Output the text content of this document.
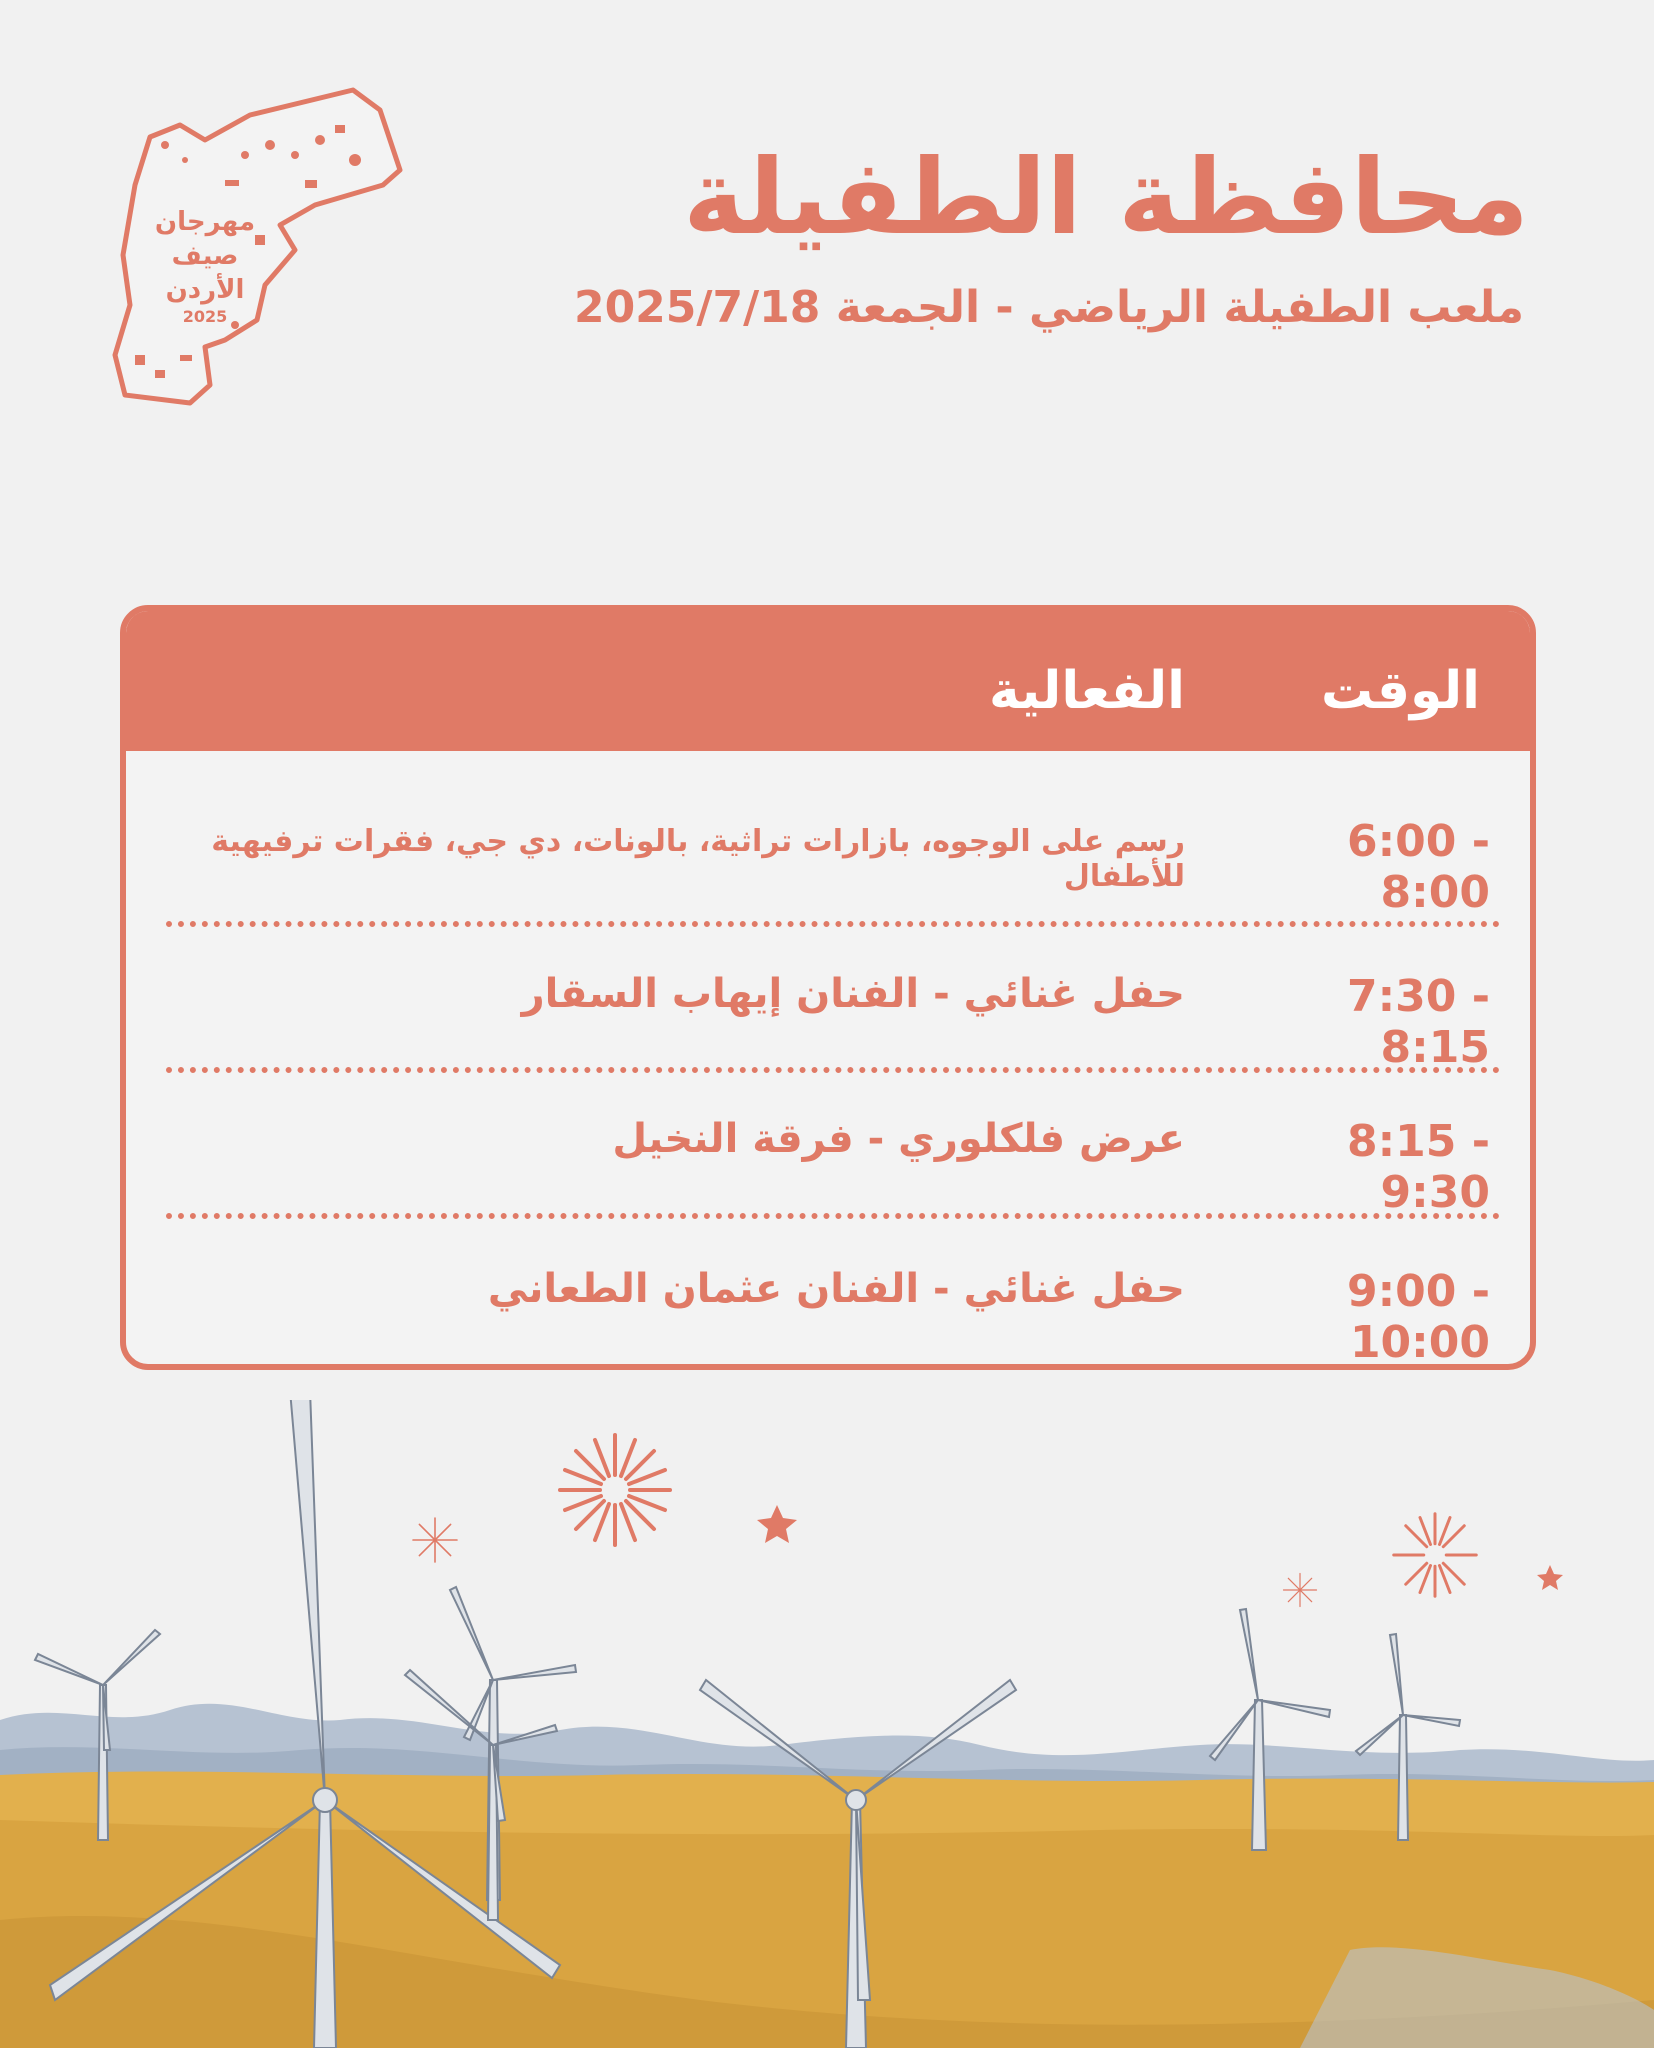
مهرجان
صيف
الأردن
2025
محافظة الطفيلة
ملعب الطفيلة الرياضي - الجمعة 2025/7/18
الوقت
الفعالية
6:00 - 8:00
رسم على الوجوه، بازارات تراثية، بالونات، دي جي، فقرات ترفيهية للأطفال
7:30 - 8:15
حفل غنائي - الفنان إيهاب السقار
8:15 - 9:30
عرض فلكلوري - فرقة النخيل
9:00 - 10:00
حفل غنائي - الفنان عثمان الطعاني
